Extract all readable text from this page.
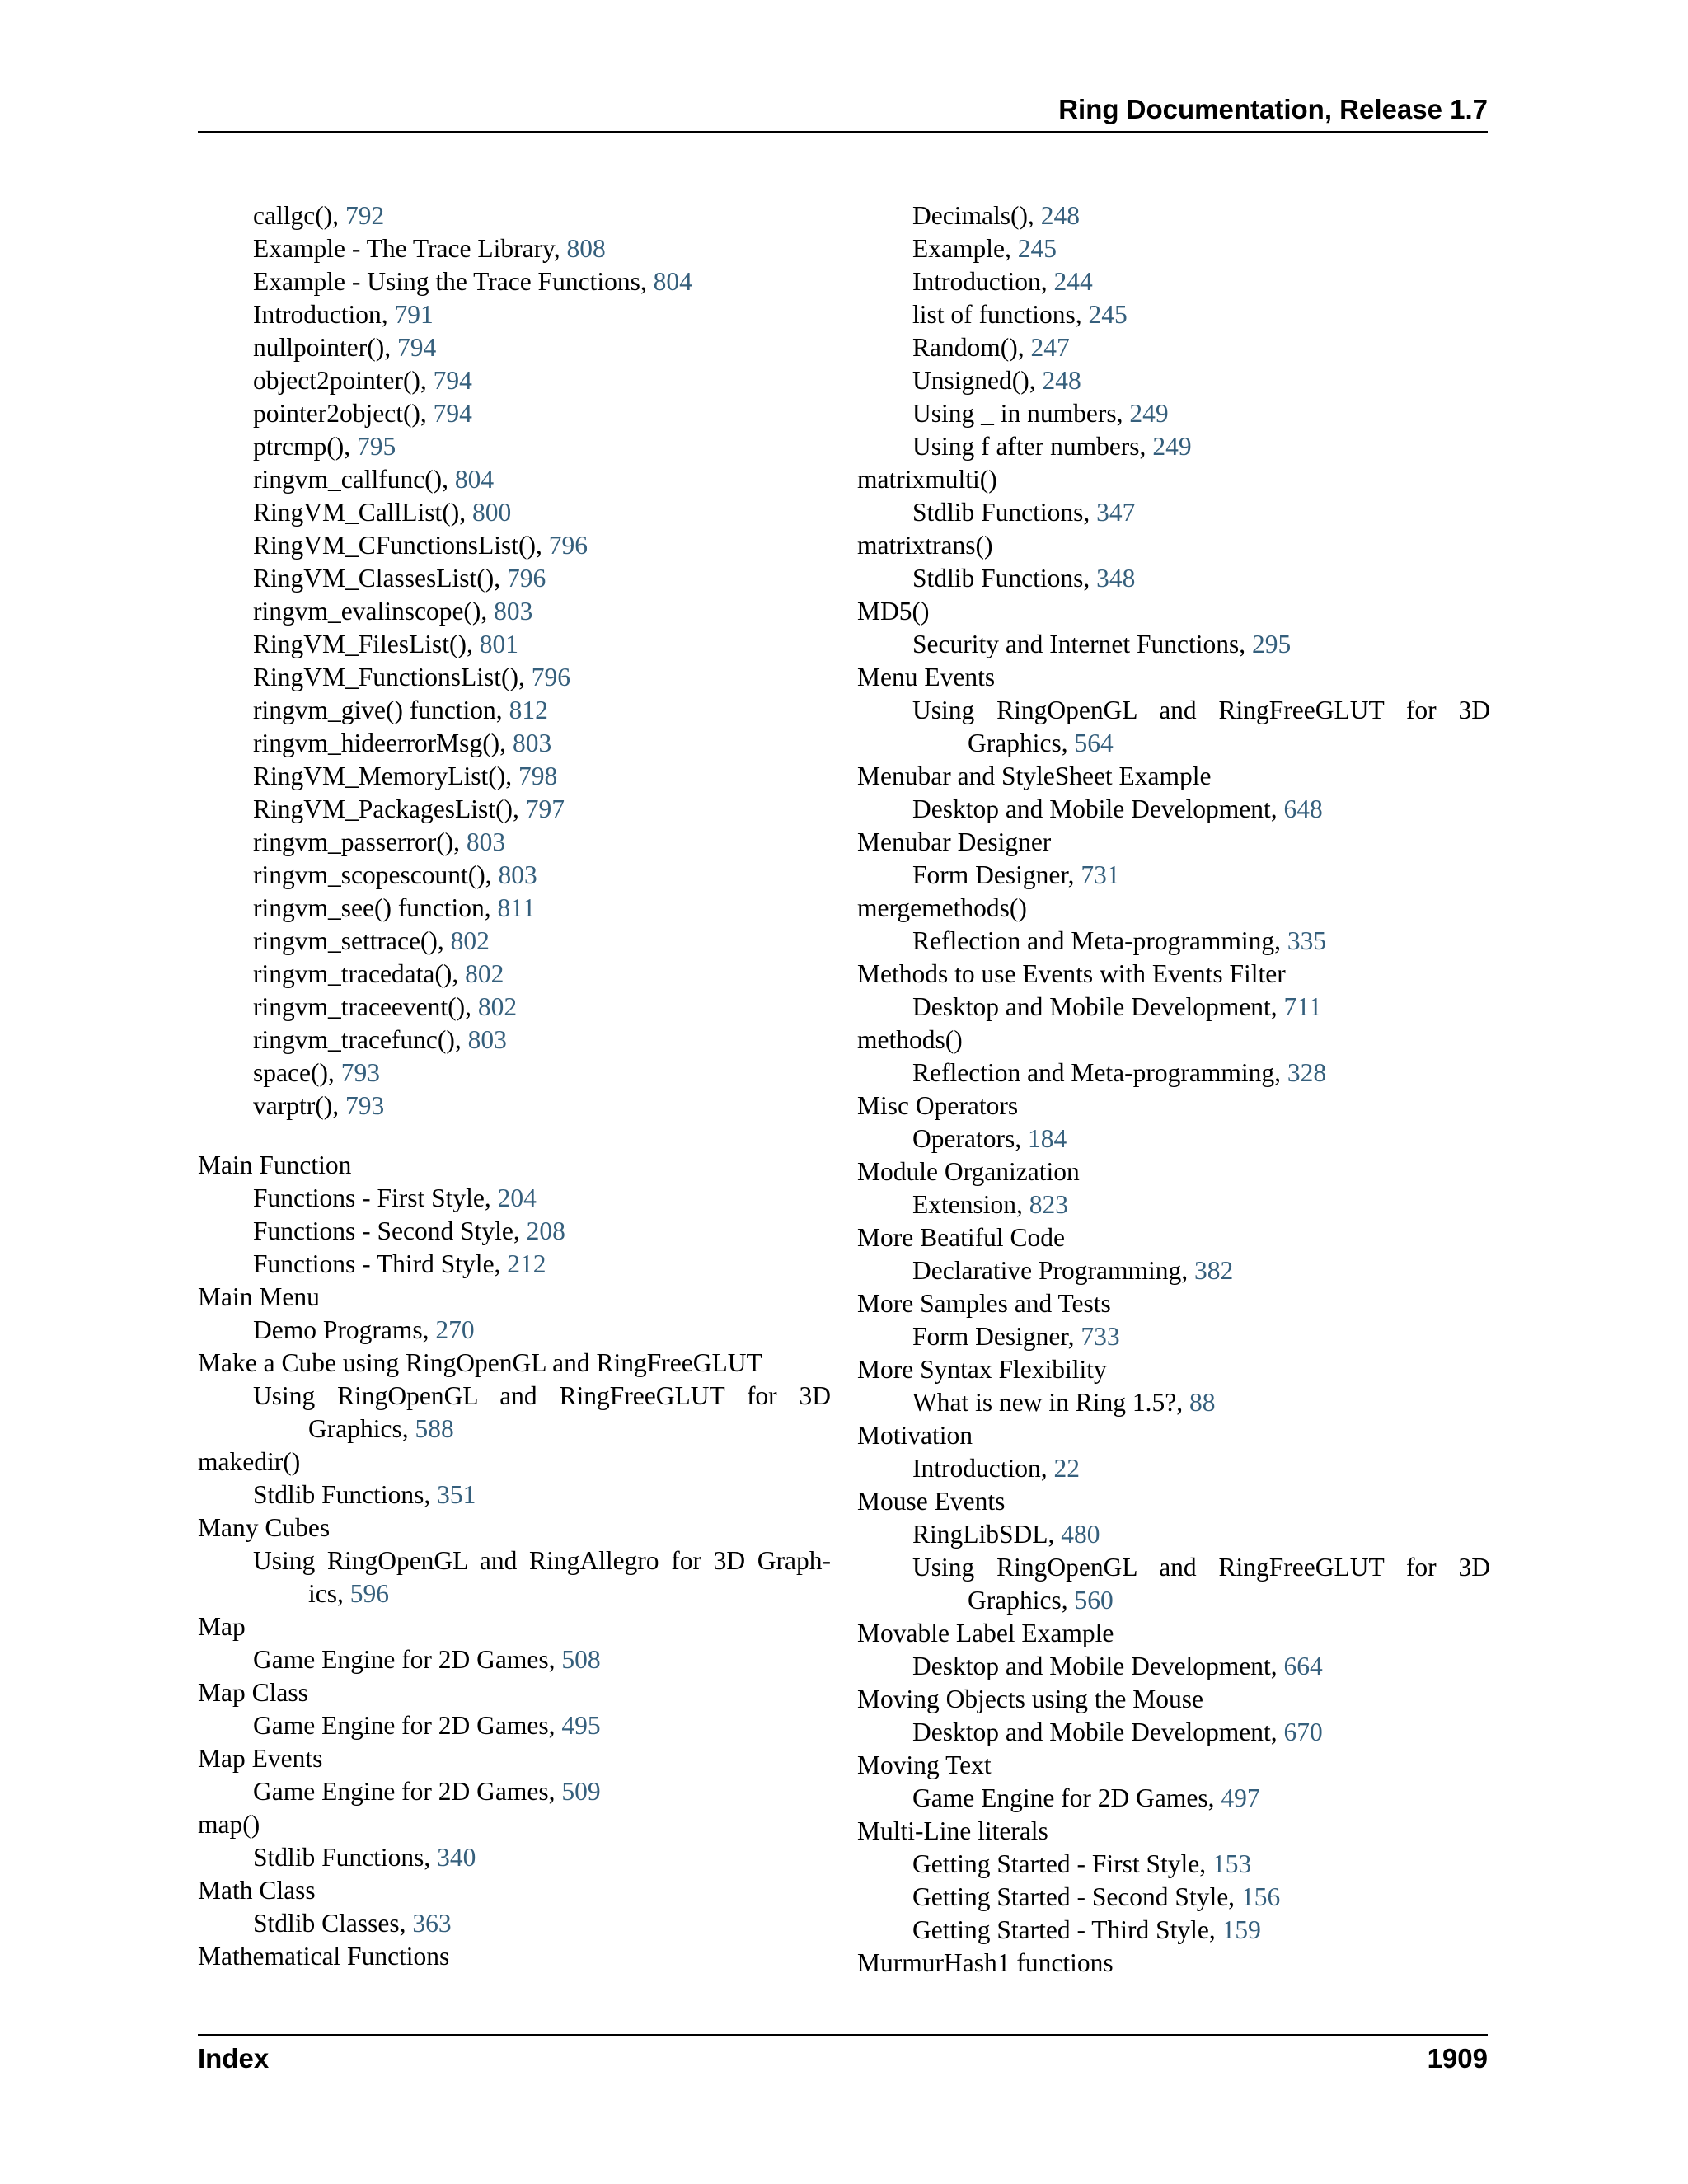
Ring Documentation, Release 1.7

callgc(), 792

Example - The Trace Library, 808

Example - Using the Trace Functions, 804

Introduction, 791

nullpointer(), 794

object2pointer(), 794

pointer2object(), 794

ptrcmp(), 795

ringvm_callfunc(), 804

RingVM_CallList(), 800

RingVM_CFunctionsList(), 796

RingVM_ClassesList(), 796

ringvm_evalinscope(), 803

RingVM_FilesList(), 801

RingVM_FunctionsList(), 796

ringvm_give() function, 812

ringvm_hideerrorMsg(), 803

RingVM_MemoryList(), 798

RingVM_PackagesList(), 797

ringvm_passerror(), 803

ringvm_scopescount(), 803

ringvm_see() function, 811

ringvm_settrace(), 802

ringvm_tracedata(), 802

ringvm_traceevent(), 802

ringvm_tracefunc(), 803

space(), 793

varptr(), 793

Main Function

Functions - First Style, 204

Functions - Second Style, 208

Functions - Third Style, 212

Main Menu

Demo Programs, 270

Make a Cube using RingOpenGL and RingFreeGLUT

Using RingOpenGL and RingFreeGLUT for 3D Graphics, 588

makedir()

Stdlib Functions, 351

Many Cubes

Using RingOpenGL and RingAllegro for 3D Graph-ics, 596

Map

Game Engine for 2D Games, 508

Map Class

Game Engine for 2D Games, 495

Map Events

Game Engine for 2D Games, 509

map()

Stdlib Functions, 340

Math Class

Stdlib Classes, 363

Mathematical Functions

Decimals(), 248

Example, 245

Introduction, 244

list of functions, 245

Random(), 247

Unsigned(), 248

Using _ in numbers, 249

Using f after numbers, 249

matrixmulti()

Stdlib Functions, 347

matrixtrans()

Stdlib Functions, 348

MD5()

Security and Internet Functions, 295

Menu Events

Using RingOpenGL and RingFreeGLUT for 3D Graphics, 564

Menubar and StyleSheet Example

Desktop and Mobile Development, 648

Menubar Designer

Form Designer, 731

mergemethods()

Reflection and Meta-programming, 335

Methods to use Events with Events Filter

Desktop and Mobile Development, 711

methods()

Reflection and Meta-programming, 328

Misc Operators

Operators, 184

Module Organization

Extension, 823

More Beatiful Code

Declarative Programming, 382

More Samples and Tests

Form Designer, 733

More Syntax Flexibility

What is new in Ring 1.5?, 88

Motivation

Introduction, 22

Mouse Events

RingLibSDL, 480

Using RingOpenGL and RingFreeGLUT for 3D Graphics, 560

Movable Label Example

Desktop and Mobile Development, 664

Moving Objects using the Mouse

Desktop and Mobile Development, 670

Moving Text

Game Engine for 2D Games, 497

Multi-Line literals

Getting Started - First Style, 153

Getting Started - Second Style, 156

Getting Started - Third Style, 159

MurmurHash1 functions

Index	1909
